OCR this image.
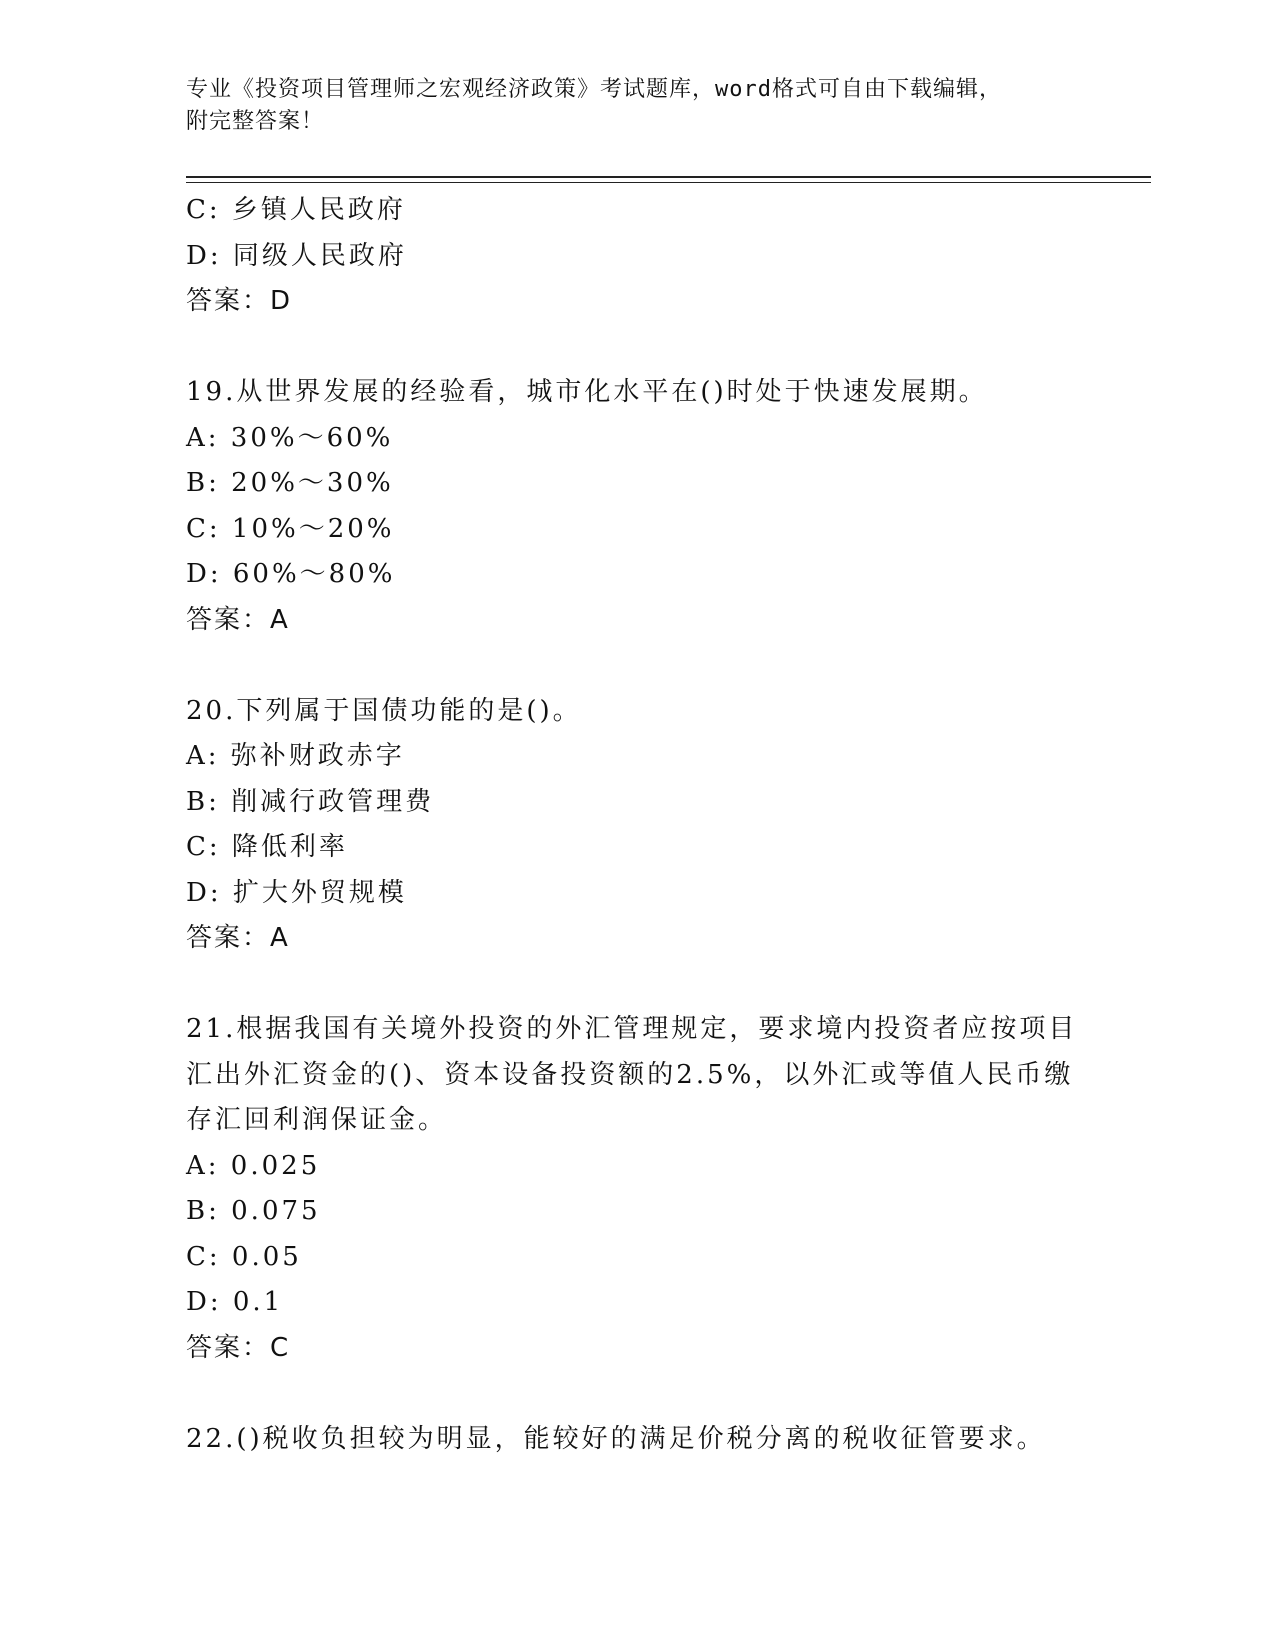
专业《投资项目管理师之宏观经济政策》考试题库，word格式可自由下载编辑，

附完整答案！

C: 乡镇人民政府
D: 同级人民政府
答案：D
19.从世界发展的经验看，城市化水平在()时处于快速发展期。
A: 30%～60%
B: 20%～30%
C: 10%～20%
D: 60%～80%
答案：A
20.下列属于国债功能的是()。
A: 弥补财政赤字
B: 削减行政管理费
C: 降低利率
D: 扩大外贸规模
答案：A

21.根据我国有关境外投资的外汇管理规定，要求境内投资者应按项目

汇出外汇资金的()、资本设备投资额的2.5%，以外汇或等值人民币缴

存汇回利润保证金。

A: 0.025
B: 0.075
C: 0.05
D: 0.1
答案：C
22.()税收负担较为明显，能较好的满足价税分离的税收征管要求。
